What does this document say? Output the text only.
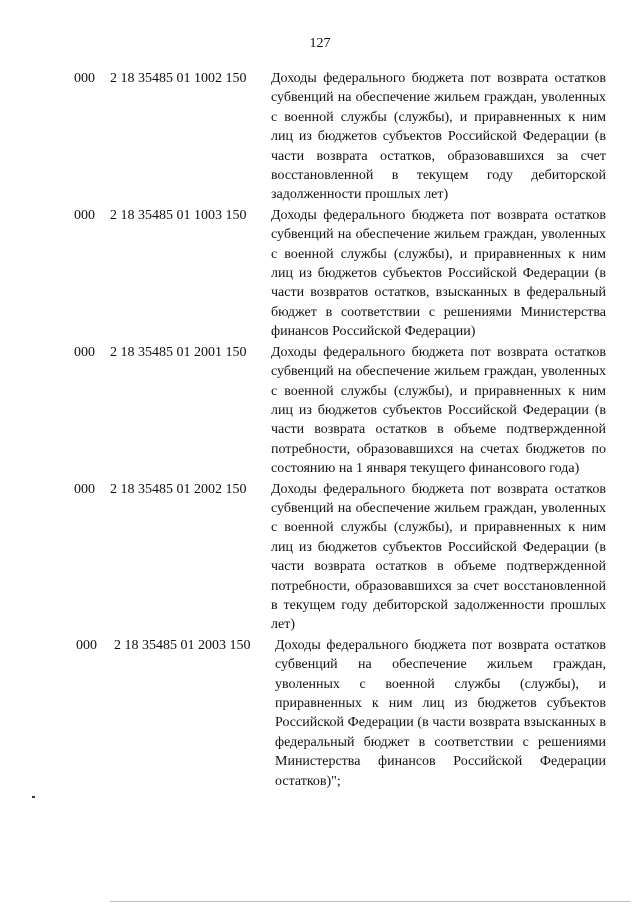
127
000 2 18 35485 01 1002 150 Доходы федерального бюджета пот возврата остатков субвенций на обеспечение жильем граждан, уволенных с военной службы (службы), и приравненных к ним лиц из бюджетов субъектов Российской Федерации (в части возврата остатков, образовавшихся за счет восстановленной в текущем году дебиторской задолженности прошлых лет)
000 2 18 35485 01 1003 150 Доходы федерального бюджета пот возврата остатков субвенций на обеспечение жильем граждан, уволенных с военной службы (службы), и приравненных к ним лиц из бюджетов субъектов Российской Федерации (в части возвратов остатков, взысканных в федеральный бюджет в соответствии с решениями Министерства финансов Российской Федерации)
000 2 18 35485 01 2001 150 Доходы федерального бюджета пот возврата остатков субвенций на обеспечение жильем граждан, уволенных с военной службы (службы), и приравненных к ним лиц из бюджетов субъектов Российской Федерации (в части возврата остатков в объеме подтвержденной потребности, образовавшихся на счетах бюджетов по состоянию на 1 января текущего финансового года)
000 2 18 35485 01 2002 150 Доходы федерального бюджета пот возврата остатков субвенций на обеспечение жильем граждан, уволенных с военной службы (службы), и приравненных к ним лиц из бюджетов субъектов Российской Федерации (в части возврата остатков в объеме подтвержденной потребности, образовавшихся за счет восстановленной в текущем году дебиторской задолженности прошлых лет)
000 2 18 35485 01 2003 150 Доходы федерального бюджета пот возврата остатков субвенций на обеспечение жильем граждан, уволенных с военной службы (службы), и приравненных к ним лиц из бюджетов субъектов Российской Федерации (в части возврата взысканных в федеральный бюджет в соответствии с решениями Министерства финансов Российской Федерации остатков)";
